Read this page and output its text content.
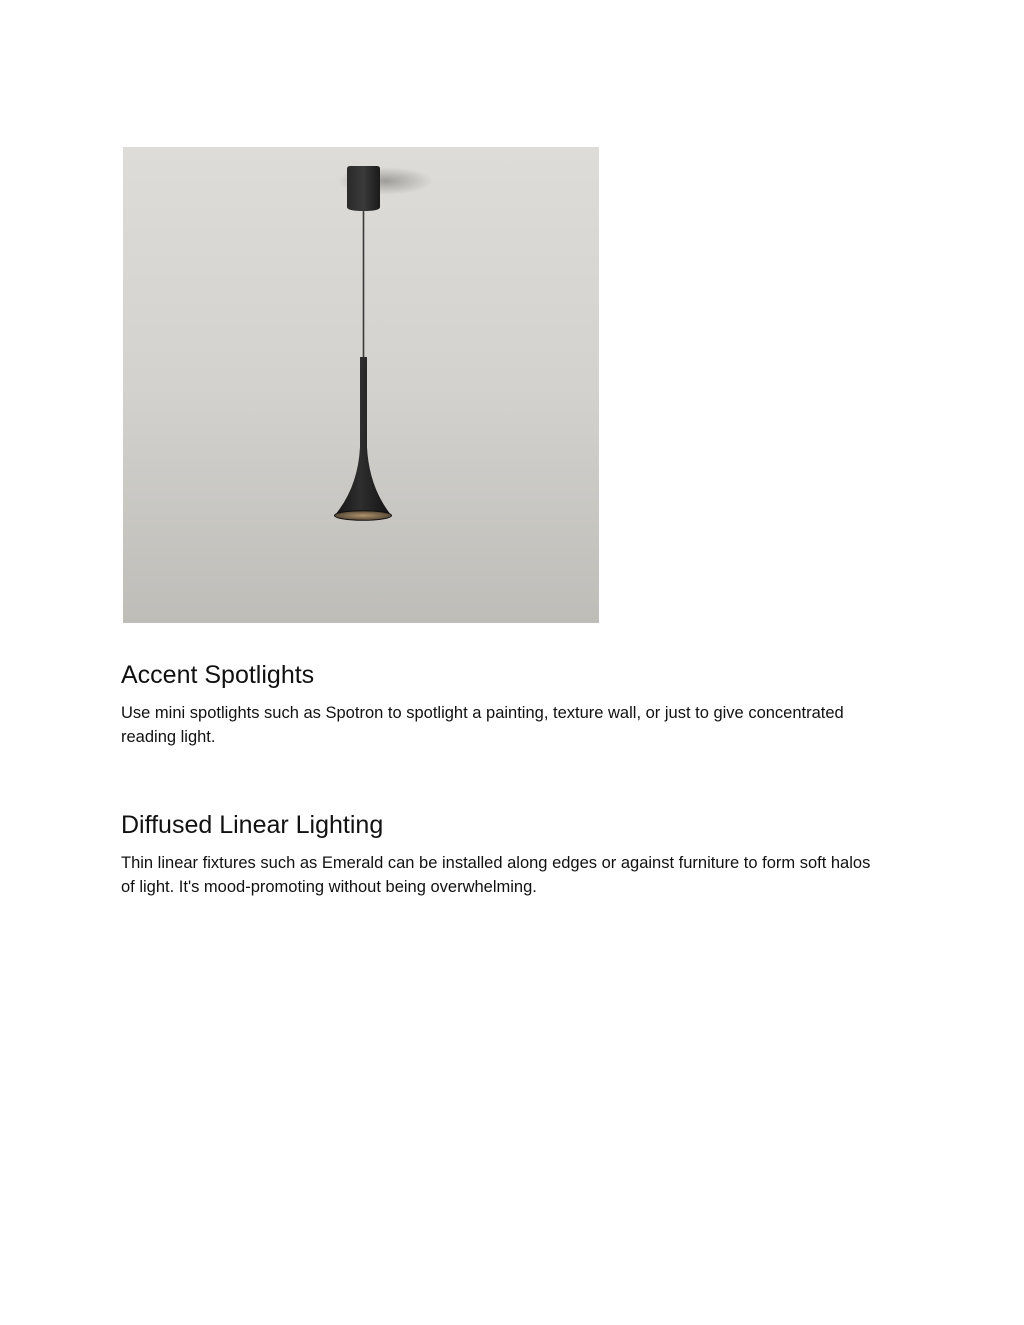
Accent Spotlights

Use mini spotlights such as Spotron to spotlight a painting, texture wall, or just to give concentrated reading light.

Diffused Linear Lighting

Thin linear fixtures such as Emerald can be installed along edges or against furniture to form soft halos of light. It's mood-promoting without being overwhelming.
